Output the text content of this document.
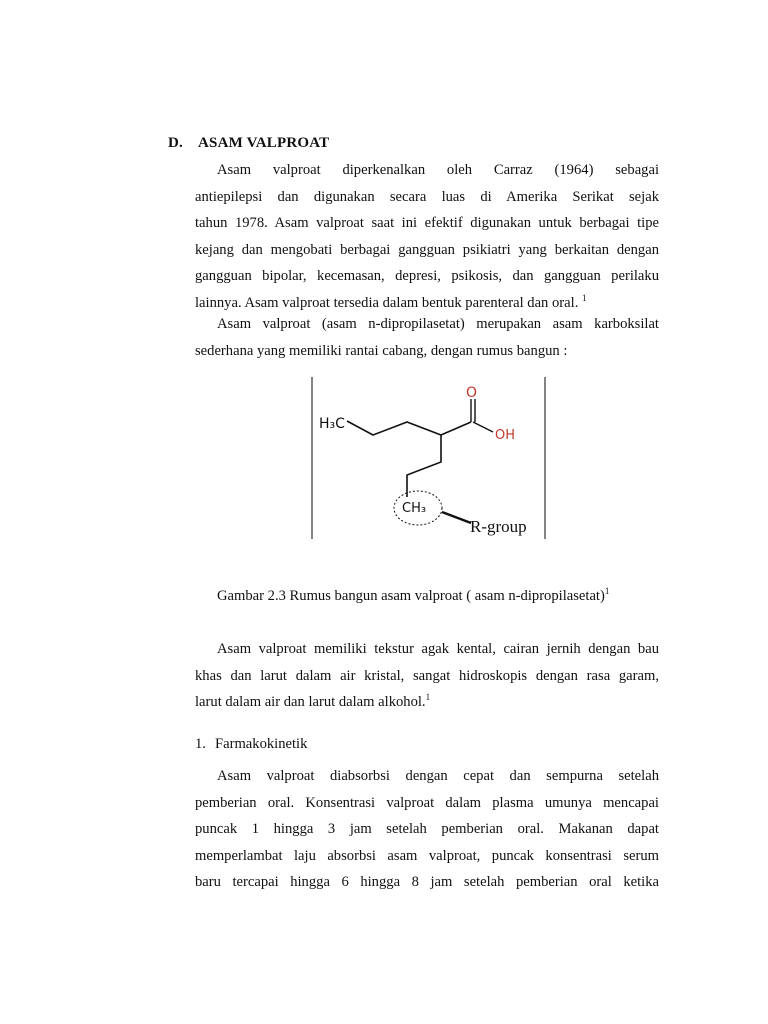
D. ASAM VALPROAT
Asam valproat diperkenalkan oleh Carraz (1964) sebagai
antiepilepsi dan digunakan secara luas di Amerika Serikat sejak
tahun 1978. Asam valproat saat ini efektif digunakan untuk berbagai tipe
kejang dan mengobati berbagai gangguan psikiatri yang berkaitan dengan
gangguan bipolar, kecemasan, depresi, psikosis, dan gangguan perilaku
lainnya. Asam valproat tersedia dalam bentuk parenteral dan oral. $^1$
Asam valproat (asam n-dipropilasetat) merupakan asam karboksilat
sederhana yang memiliki rantai cabang, dengan rumus bangun :
H₃C
O
OH
CH₃
R-group
Gambar 2.3 Rumus bangun asam valproat ( asam n-dipropilasetat)$^1$
Asam valproat memiliki tekstur agak kental, cairan jernih dengan bau
khas dan larut dalam air kristal, sangat hidroskopis dengan rasa garam,
larut dalam air dan larut dalam alkohol.$^1$
1. Farmakokinetik
Asam valproat diabsorbsi dengan cepat dan sempurna setelah
pemberian oral. Konsentrasi valproat dalam plasma umunya mencapai
puncak 1 hingga 3 jam setelah pemberian oral. Makanan dapat
memperlambat laju absorbsi asam valproat, puncak konsentrasi serum
baru tercapai hingga 6 hingga 8 jam setelah pemberian oral ketika
